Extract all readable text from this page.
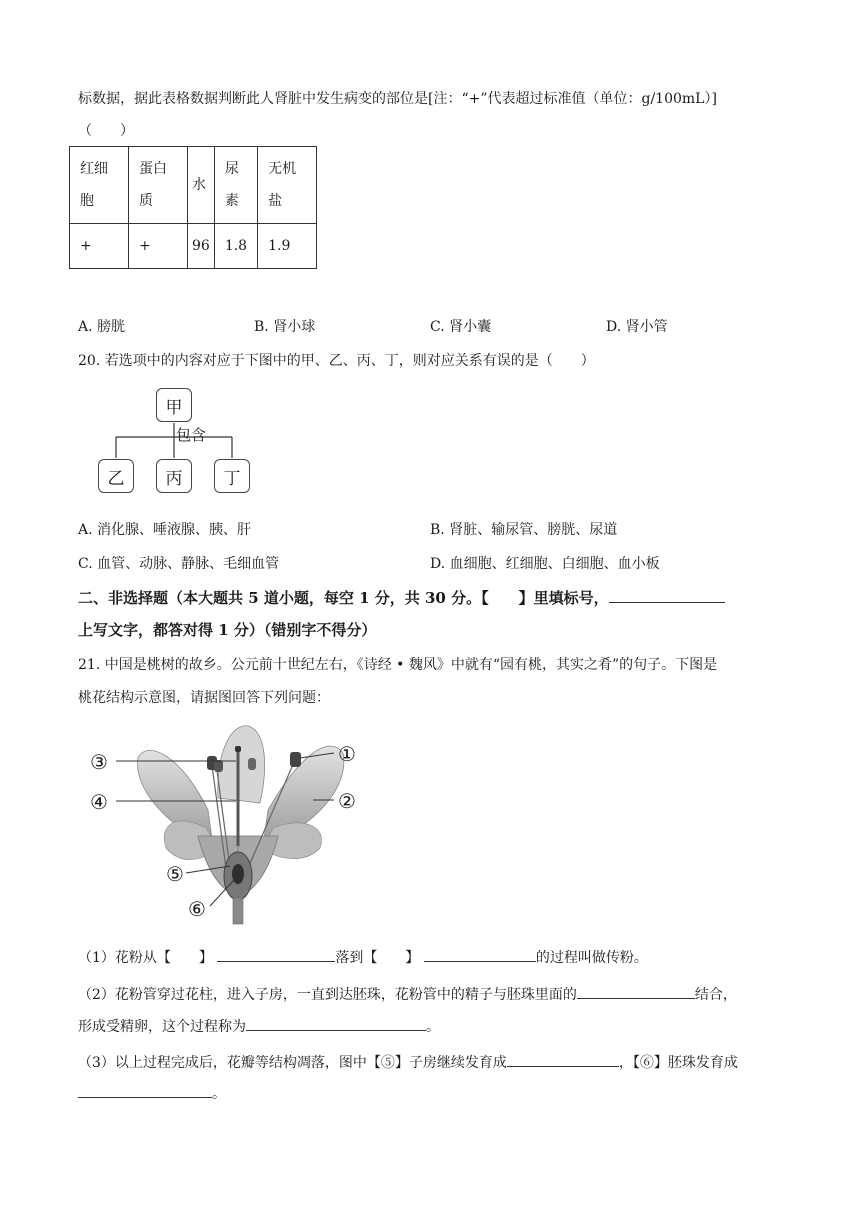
标数据，据此表格数据判断此人肾脏中发生病变的部位是[注：“+”代表超过标准值（单位：g/100mL）]
（　　）
红细胞	蛋白质	水	尿素	无机盐
+	+	96	1.8	1.9
A. 膀胱	B. 肾小球	C. 肾小囊	D. 肾小管
20. 若选项中的内容对应于下图中的甲、乙、丙、丁，则对应关系有误的是（　　）
甲
包含
乙	丙	丁
A. 消化腺、唾液腺、胰、肝	B. 肾脏、输尿管、膀胱、尿道
C. 血管、动脉、静脉、毛细血管	D. 血细胞、红细胞、白细胞、血小板
二、非选择题（本大题共 5 道小题，每空 1 分，共 30 分。【　　】里填标号，
上写文字，都答对得 1 分）（错别字不得分）
21. 中国是桃树的故乡。公元前十世纪左右，《诗经 • 魏风》中就有“园有桃，其实之肴”的句子。下图是
桃花结构示意图，请据图回答下列问题：
③
④
①
②
⑤
⑥
（1）花粉从【 】	落到【 】	的过程叫做传粉。
（2）花粉管穿过花柱，进入子房，一直到达胚珠，花粉管中的精子与胚珠里面的	结合，
形成受精卵，这个过程称为	。
（3）以上过程完成后，花瓣等结构凋落，图中【⑤】子房继续发育成	，【⑥】胚珠发育成
。
